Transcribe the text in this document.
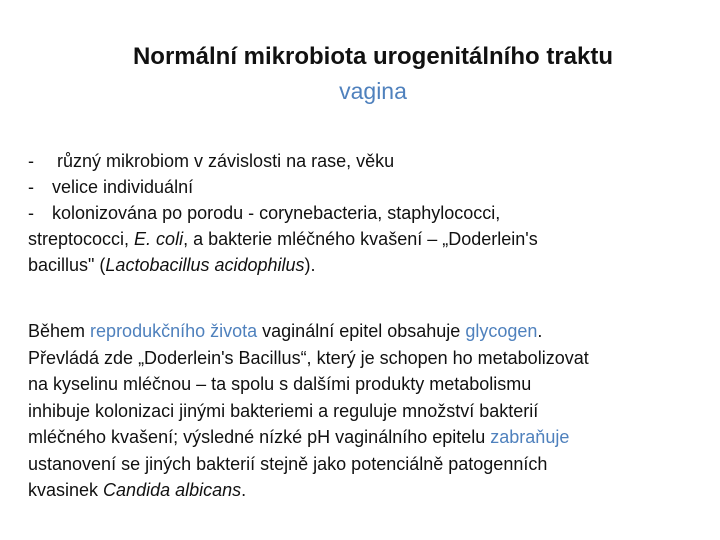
Normální mikrobiota urogenitálního traktu
vagina
- různý mikrobiom v závislosti na rase, věku
- velice individuální
- kolonizována po porodu - corynebacteria, staphylococci,
streptococci, E. coli, a bakterie mléčného kvašení – „Doderlein's
bacillus" (Lactobacillus acidophilus).
Během reprodukčního života vaginální epitel obsahuje glycogen.
Převládá zde „Doderlein's Bacillus“, který je schopen ho metabolizovat
na kyselinu mléčnou – ta spolu s dalšími produkty metabolismu
inhibuje kolonizaci jinými bakteriemi a reguluje množství bakterií
mléčného kvašení; výsledné nízké pH vaginálního epitelu zabraňuje
ustanovení se jiných bakterií stejně jako potenciálně patogenních
kvasinek Candida albicans.
